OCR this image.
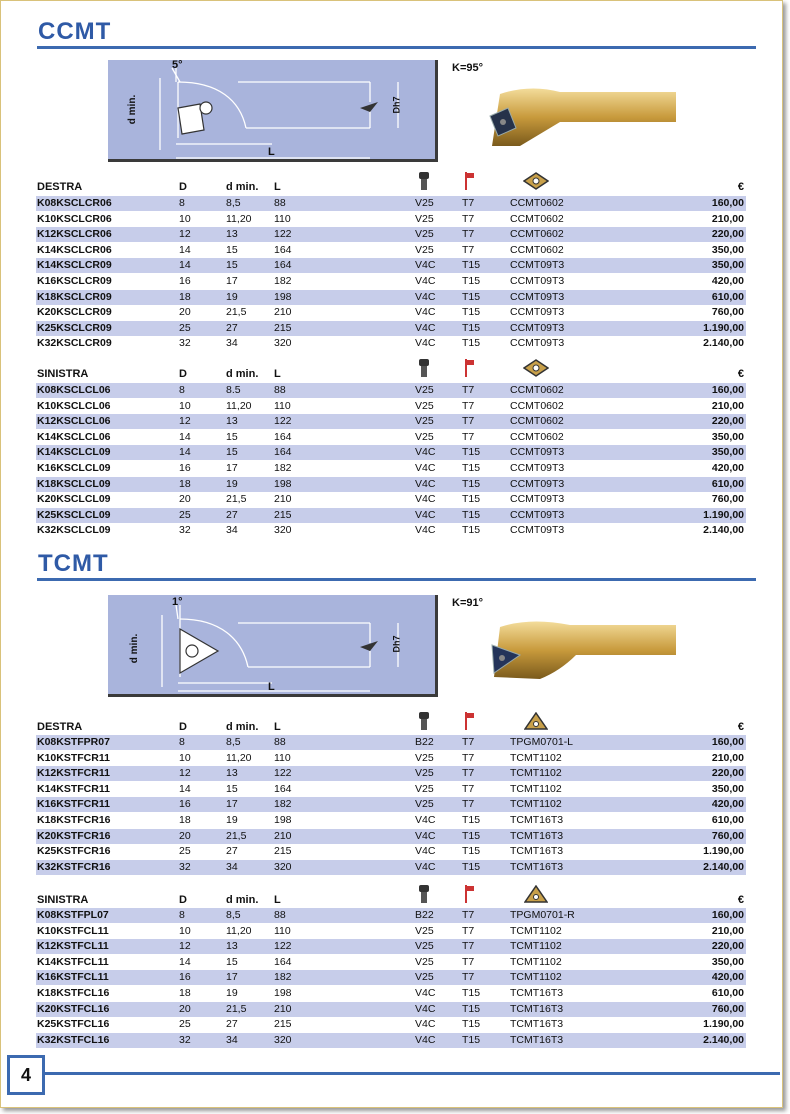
CCMT
5°
d min.	Dh7
L
K=95°
DESTRA	D	d min. L	€
K08KSCLCR06	8	8,5	88	V25	T7	CCMT0602	160,00
K10KSCLCR06	10	11,20 110	V25	T7	CCMT0602	210,00
K12KSCLCR06	12	13	122	V25	T7	CCMT0602	220,00
K14KSCLCR06	14	15	164	V25	T7	CCMT0602	350,00
K14KSCLCR09	14	15	164	V4C	T15	CCMT09T3	350,00
K16KSCLCR09	16	17	182	V4C	T15	CCMT09T3	420,00
K18KSCLCR09	18	19	198	V4C	T15	CCMT09T3	610,00
K20KSCLCR09	20	21,5	210	V4C	T15	CCMT09T3	760,00
K25KSCLCR09	25	27	215	V4C	T15	CCMT09T3	1.190,00
K32KSCLCR09	32	34	320	V4C	T15	CCMT09T3	2.140,00
SINISTRA	D	d min. L	€
K08KSCLCL06	8	8.5	88	V25	T7	CCMT0602	160,00
K10KSCLCL06	10	11,20 110	V25	T7	CCMT0602	210,00
K12KSCLCL06	12	13	122	V25	T7	CCMT0602	220,00
K14KSCLCL06	14	15	164	V25	T7	CCMT0602	350,00
K14KSCLCL09	14	15	164	V4C	T15	CCMT09T3	350,00
K16KSCLCL09	16	17	182	V4C	T15	CCMT09T3	420,00
K18KSCLCL09	18	19	198	V4C	T15	CCMT09T3	610,00
K20KSCLCL09	20	21,5	210	V4C	T15	CCMT09T3	760,00
K25KSCLCL09	25	27	215	V4C	T15	CCMT09T3	1.190,00
K32KSCLCL09	32	34	320	V4C	T15	CCMT09T3	2.140,00
TCMT
1°
d min.	Dh7
L
K=91°
DESTRA	D	d min. L	€
K08KSTFPR07	8	8,5	88	B22	T7	TPGM0701-L	160,00
K10KSTFCR11	10	11,20 110	V25	T7	TCMT1102	210,00
K12KSTFCR11	12	13	122	V25	T7	TCMT1102	220,00
K14KSTFCR11	14	15	164	V25	T7	TCMT1102	350,00
K16KSTFCR11	16	17	182	V25	T7	TCMT1102	420,00
K18KSTFCR16	18	19	198	V4C	T15	TCMT16T3	610,00
K20KSTFCR16	20	21,5	210	V4C	T15	TCMT16T3	760,00
K25KSTFCR16	25	27	215	V4C	T15	TCMT16T3	1.190,00
K32KSTFCR16	32	34	320	V4C	T15	TCMT16T3	2.140,00
SINISTRA	D	d min. L	€
K08KSTFPL07	8	8,5	88	B22	T7	TPGM0701-R	160,00
K10KSTFCL11	10	11,20 110	V25	T7	TCMT1102	210,00
K12KSTFCL11	12	13	122	V25	T7	TCMT1102	220,00
K14KSTFCL11	14	15	164	V25	T7	TCMT1102	350,00
K16KSTFCL11	16	17	182	V25	T7	TCMT1102	420,00
K18KSTFCL16	18	19	198	V4C	T15	TCMT16T3	610,00
K20KSTFCL16	20	21,5	210	V4C	T15	TCMT16T3	760,00
K25KSTFCL16	25	27	215	V4C	T15	TCMT16T3	1.190,00
K32KSTFCL16	32	34	320	V4C	T15	TCMT16T3	2.140,00
4
